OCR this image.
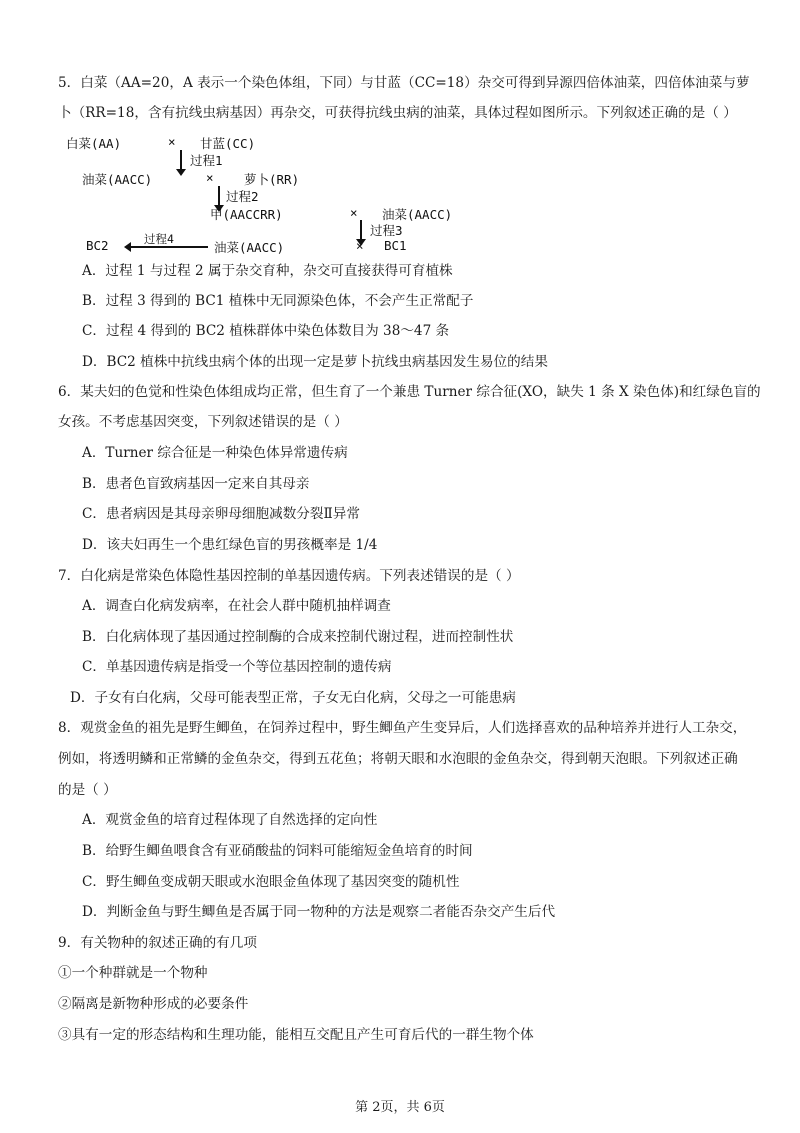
5．白菜（AA=20，A 表示一个染色体组，下同）与甘蓝（CC=18）杂交可得到异源四倍体油菜，四倍体油菜与萝
卜（RR=18，含有抗线虫病基因）再杂交，可获得抗线虫病的油菜，具体过程如图所示。下列叙述正确的是（ ）
白菜(AA)	× 甘蓝(CC)
过程1
油菜(AACC)	× 萝卜(RR)
过程2
甲(AACCRR)	× 油菜(AACC)
过程3
BC2	过程4
油菜(AACC)	× BC1
A．过程 1 与过程 2 属于杂交育种，杂交可直接获得可育植株
B．过程 3 得到的 BC1 植株中无同源染色体，不会产生正常配子
C．过程 4 得到的 BC2 植株群体中染色体数目为 38～47 条
D．BC2 植株中抗线虫病个体的出现一定是萝卜抗线虫病基因发生易位的结果
6．某夫妇的色觉和性染色体组成均正常，但生育了一个兼患 Turner 综合征(XO，缺失 1 条 X 染色体)和红绿色盲的
女孩。不考虑基因突变，下列叙述错误的是（ ）
A．Turner 综合征是一种染色体异常遗传病
B．患者色盲致病基因一定来自其母亲
C．患者病因是其母亲卵母细胞减数分裂Ⅱ异常
D．该夫妇再生一个患红绿色盲的男孩概率是 1/4
7．白化病是常染色体隐性基因控制的单基因遗传病。下列表述错误的是（ ）
A．调查白化病发病率，在社会人群中随机抽样调查
B．白化病体现了基因通过控制酶的合成来控制代谢过程，进而控制性状
C．单基因遗传病是指受一个等位基因控制的遗传病
D．子女有白化病，父母可能表型正常，子女无白化病，父母之一可能患病
8．观赏金鱼的祖先是野生鲫鱼，在饲养过程中，野生鲫鱼产生变异后，人们选择喜欢的品种培养并进行人工杂交，
例如，将透明鳞和正常鳞的金鱼杂交，得到五花鱼；将朝天眼和水泡眼的金鱼杂交，得到朝天泡眼。下列叙述正确
的是（ ）
A．观赏金鱼的培育过程体现了自然选择的定向性
B．给野生鲫鱼喂食含有亚硝酸盐的饲料可能缩短金鱼培育的时间
C．野生鲫鱼变成朝天眼或水泡眼金鱼体现了基因突变的随机性
D．判断金鱼与野生鲫鱼是否属于同一物种的方法是观察二者能否杂交产生后代
9．有关物种的叙述正确的有几项
①一个种群就是一个物种
②隔离是新物种形成的必要条件
③具有一定的形态结构和生理功能，能相互交配且产生可育后代的一群生物个体
第 2页，共 6页
